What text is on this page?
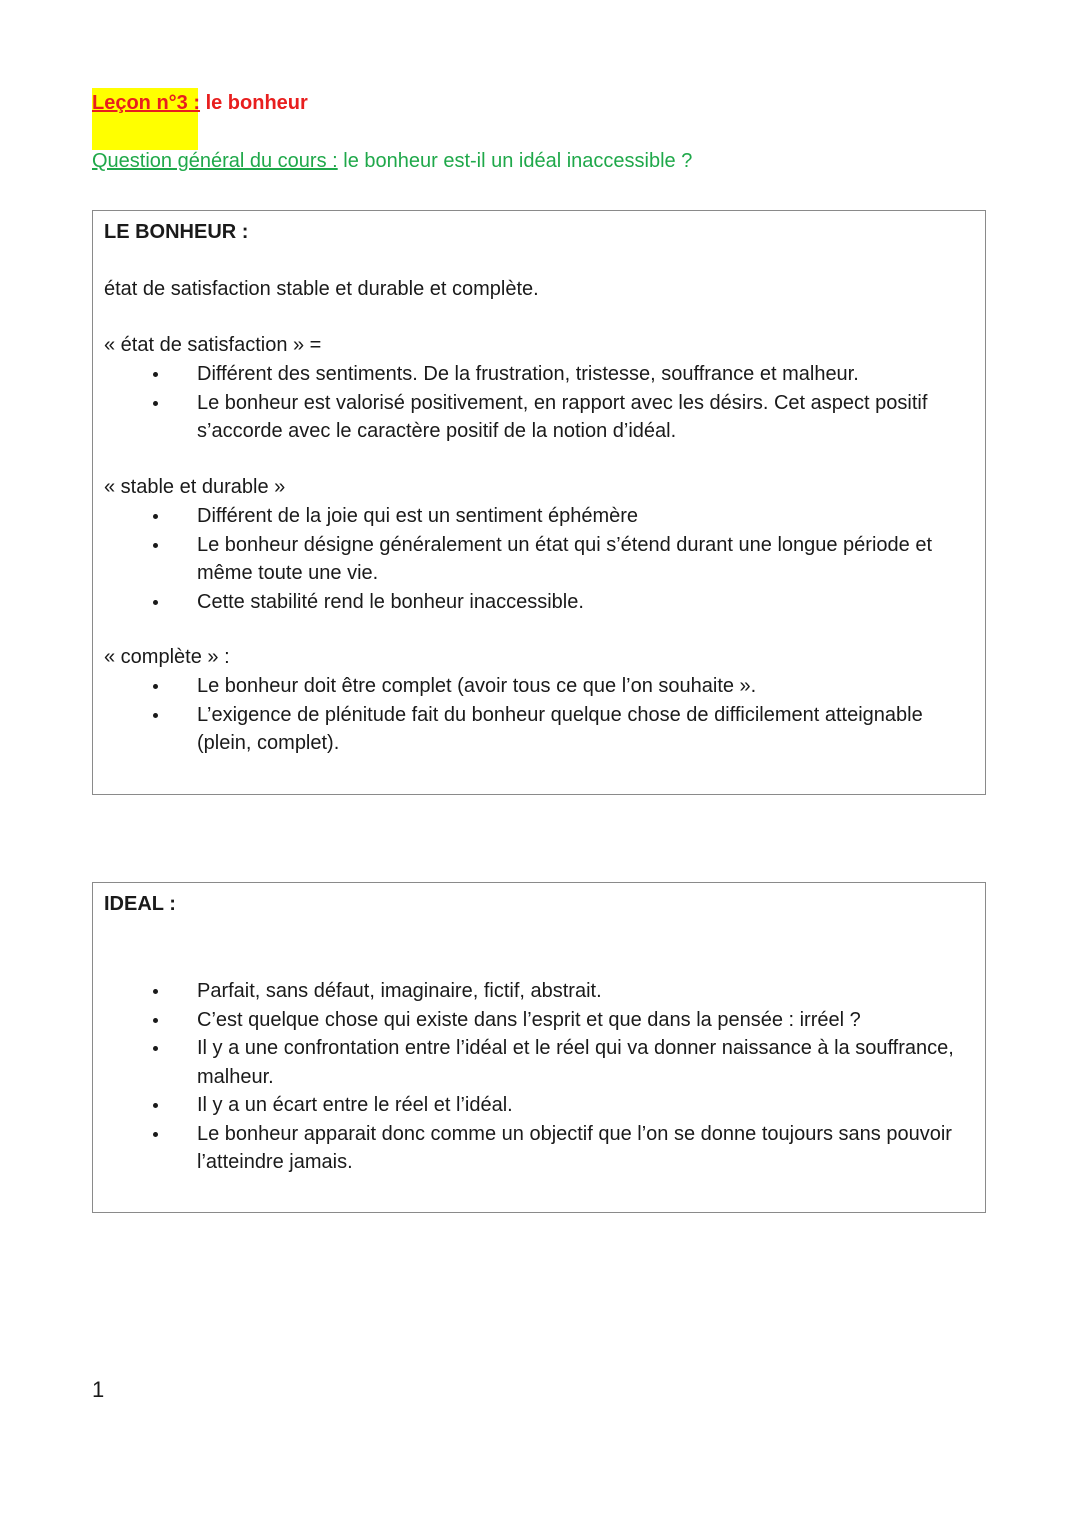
Leçon n°3 : le bonheur
Question général du cours : le bonheur est-il un idéal inaccessible ?
LE BONHEUR :
état de satisfaction stable et durable et complète.
« état de satisfaction » =
Différent des sentiments. De la frustration, tristesse, souffrance et malheur.
Le bonheur est valorisé positivement, en rapport avec les désirs. Cet aspect positif s’accorde avec le caractère positif de la notion d’idéal.
« stable et durable »
Différent de la joie qui est un sentiment éphémère
Le bonheur désigne généralement un état qui s’étend durant une longue période et même toute une vie.
Cette stabilité rend le bonheur inaccessible.
« complète » :
Le bonheur doit être complet (avoir tous ce que l’on souhaite ».
L’exigence de plénitude fait du bonheur quelque chose de difficilement atteignable (plein, complet).
IDEAL :
Parfait, sans défaut, imaginaire, fictif, abstrait.
C’est quelque chose qui existe dans l’esprit et que dans la pensée : irréel ?
Il y a une confrontation entre l’idéal et le réel qui va donner naissance à la souffrance, malheur.
Il y a un écart entre le réel et l’idéal.
Le bonheur apparait donc comme un objectif que l’on se donne toujours sans pouvoir l’atteindre jamais.
1
